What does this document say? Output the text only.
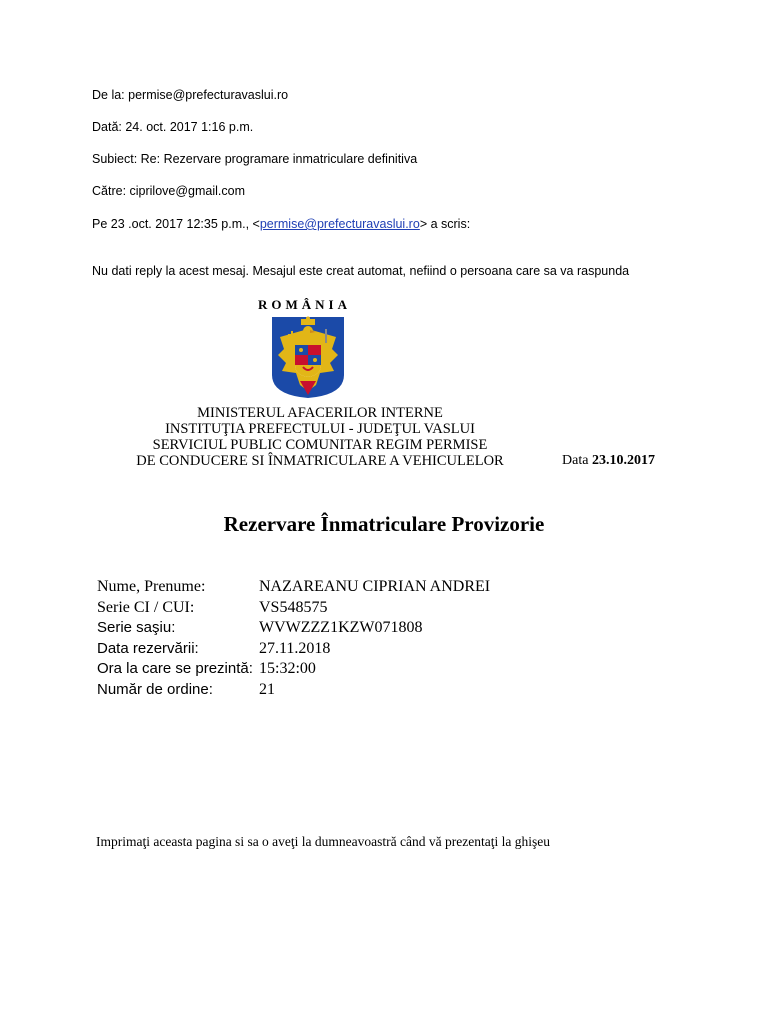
De la: permise@prefecturavaslui.ro
Dată: 24. oct. 2017 1:16 p.m.
Subiect: Re: Rezervare programare inmatriculare definitiva
Către: ciprilove@gmail.com
Pe 23 .oct. 2017 12:35 p.m., <permise@prefecturavaslui.ro> a scris:
Nu dati reply la acest mesaj. Mesajul este creat automat, nefiind o persoana care sa va raspunda
ROMÂNIA
MINISTERUL AFACERILOR INTERNE
INSTITUŢIA PREFECTULUI - JUDEŢUL VASLUI
SERVICIUL PUBLIC COMUNITAR REGIM PERMISE
DE CONDUCERE SI ÎNMATRICULARE A VEHICULELOR	Data 23.10.2017
Rezervare Înmatriculare Provizorie
Nume, Prenume:	NAZAREANU CIPRIAN ANDREI
Serie CI / CUI:	VS548575
Serie saşiu:	WVWZZZ1KZW071808
Data rezervării:	27.11.2018
Ora la care se prezintă: 15:32:00
Număr de ordine:	21
Imprimaţi aceasta pagina si sa o aveţi la dumneavoastră când vă prezentaţi la ghişeu
